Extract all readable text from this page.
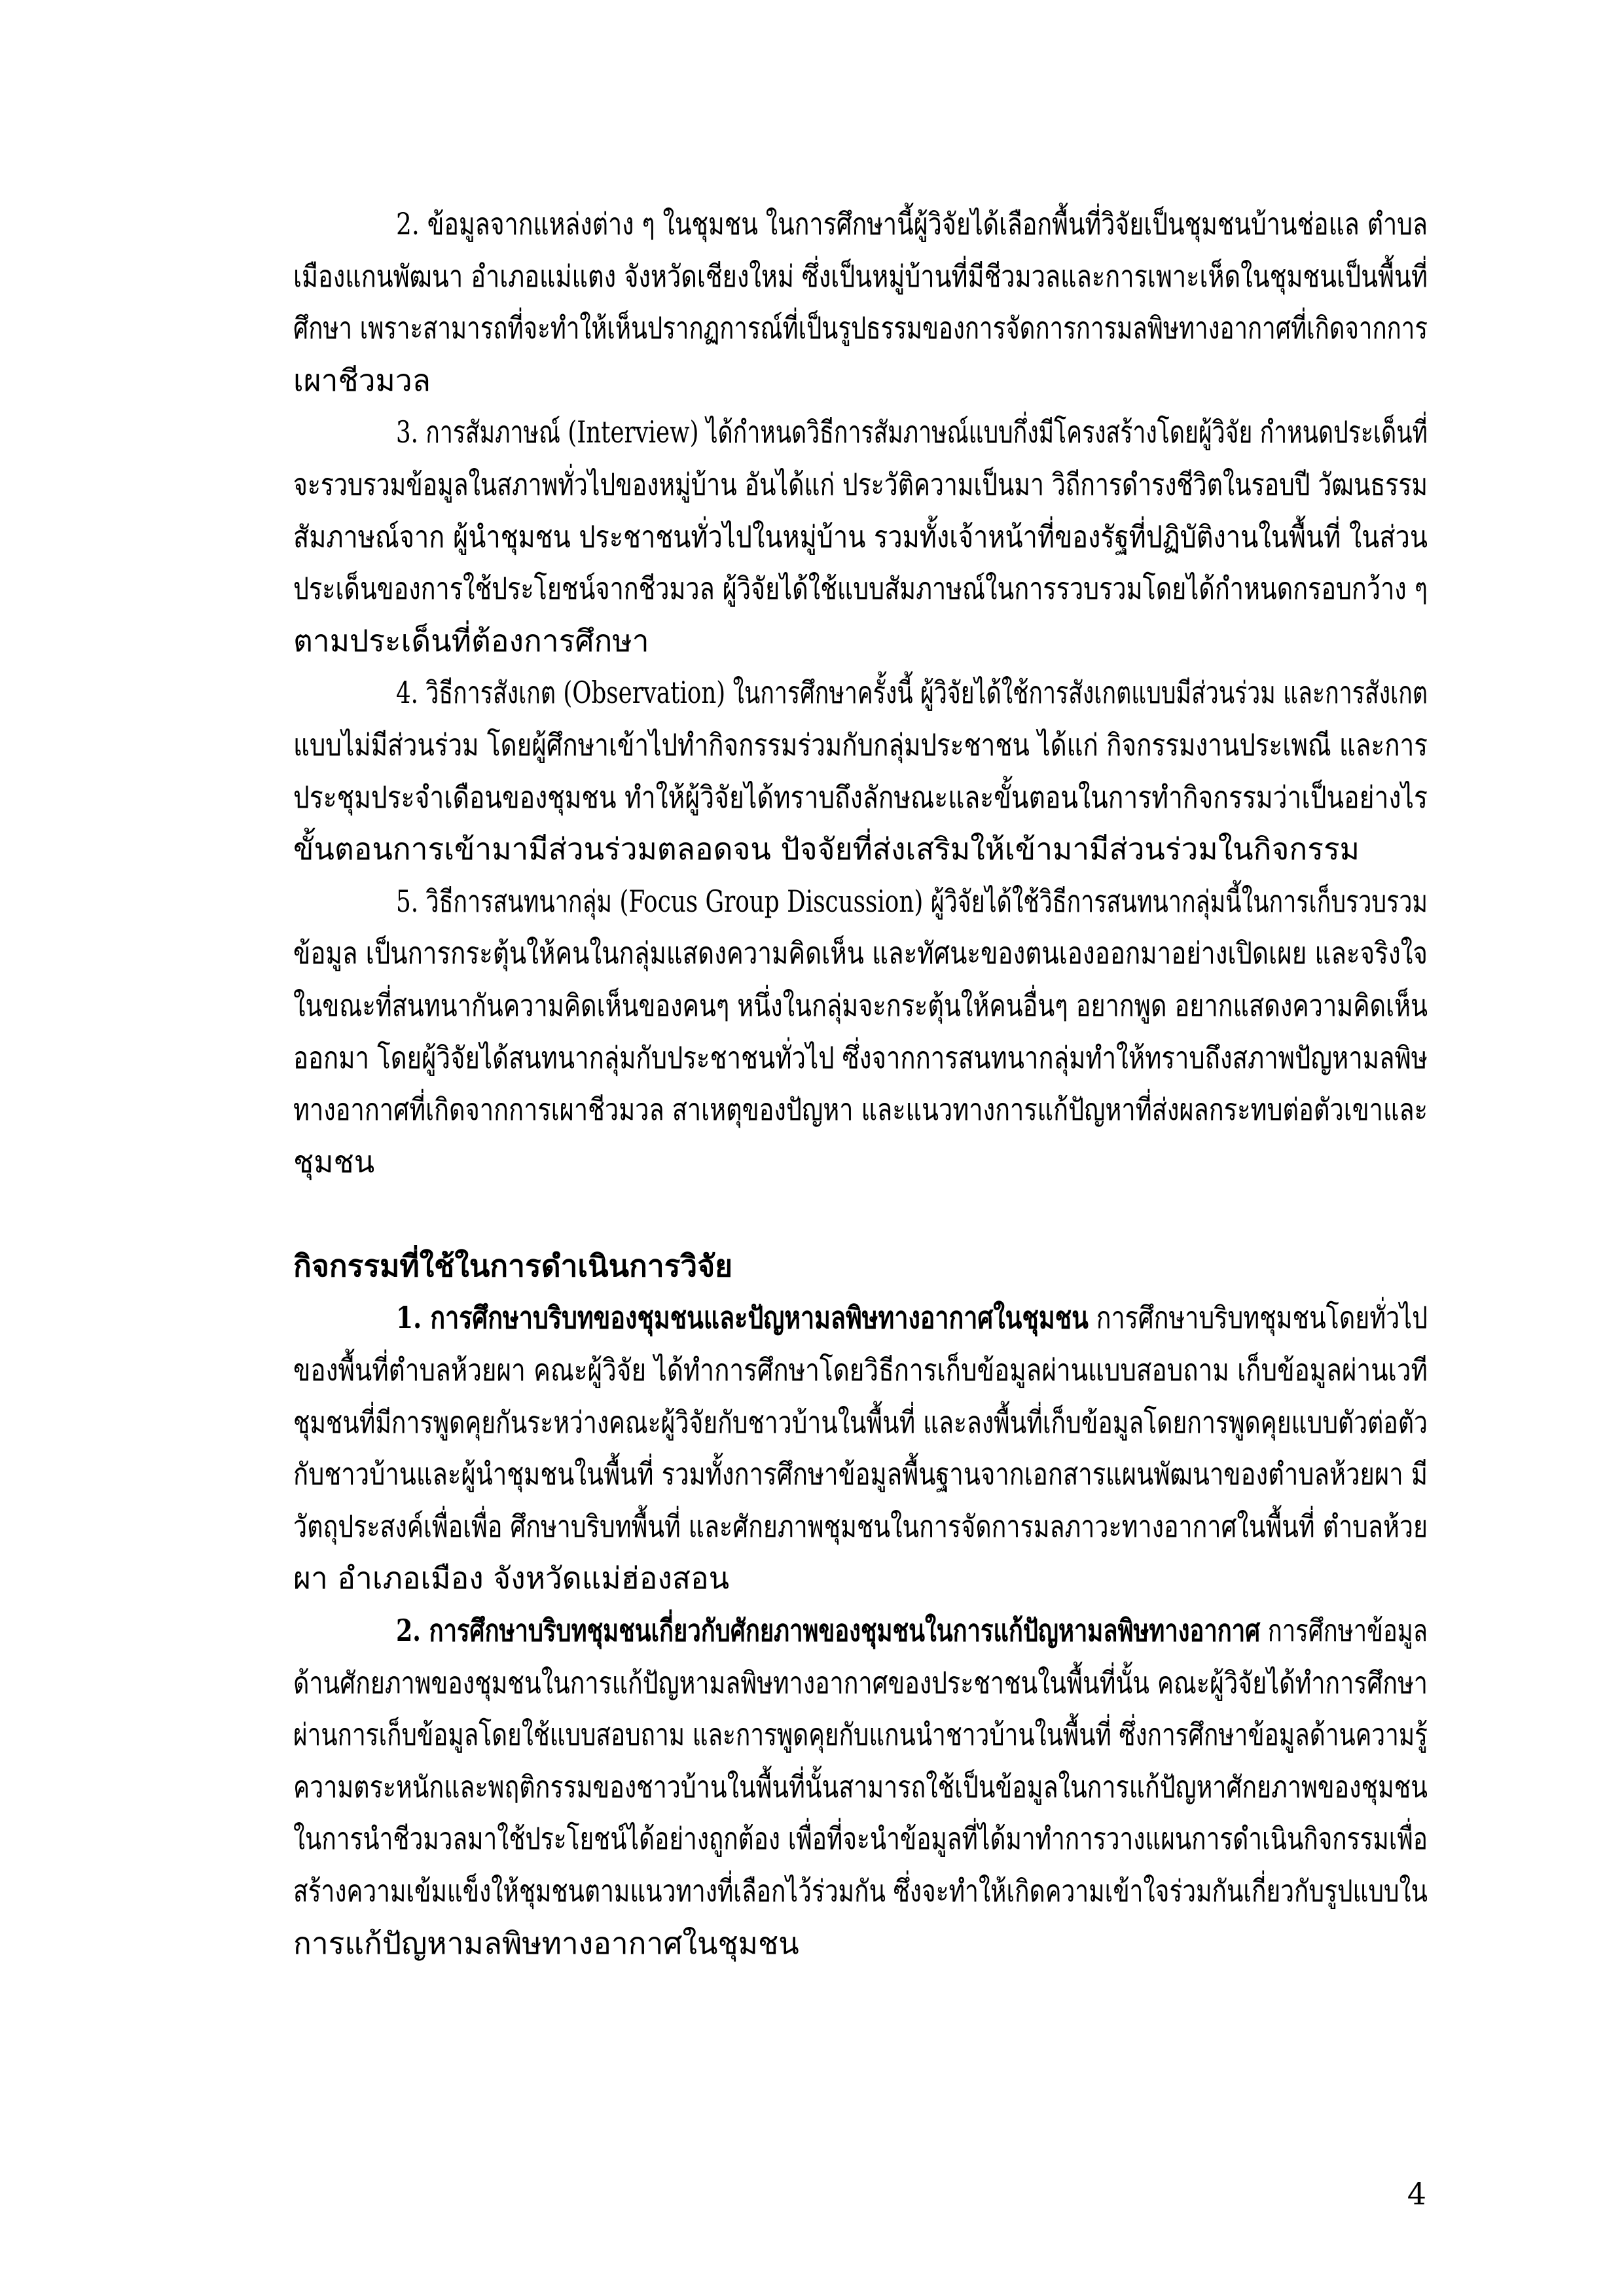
2. ข้อมูลจากแหล่งต่าง ๆ ในชุมชน ในการศึกษานี้ผู้วิจัยได้เลือกพื้นที่วิจัยเป็นชุมชนบ้านช่อแล ตำบล
เมืองแกนพัฒนา อำเภอแม่แตง จังหวัดเชียงใหม่ ซึ่งเป็นหมู่บ้านที่มีชีวมวลและการเพาะเห็ดในชุมชนเป็นพื้นที่
ศึกษา เพราะสามารถที่จะทำให้เห็นปรากฏการณ์ที่เป็นรูปธรรมของการจัดการการมลพิษทางอากาศที่เกิดจากการ
เผาชีวมวล
3. การสัมภาษณ์ (Interview) ได้กำหนดวิธีการสัมภาษณ์แบบกึ่งมีโครงสร้างโดยผู้วิจัย กำหนดประเด็นที่
จะรวบรวมข้อมูลในสภาพทั่วไปของหมู่บ้าน อันได้แก่ ประวัติความเป็นมา วิถีการดำรงชีวิตในรอบปี วัฒนธรรม
สัมภาษณ์จาก ผู้นำชุมชน ประชาชนทั่วไปในหมู่บ้าน รวมทั้งเจ้าหน้าที่ของรัฐที่ปฏิบัติงานในพื้นที่ ในส่วน
ประเด็นของการใช้ประโยชน์จากชีวมวล ผู้วิจัยได้ใช้แบบสัมภาษณ์ในการรวบรวมโดยได้กำหนดกรอบกว้าง ๆ
ตามประเด็นที่ต้องการศึกษา
4. วิธีการสังเกต (Observation) ในการศึกษาครั้งนี้ ผู้วิจัยได้ใช้การสังเกตแบบมีส่วนร่วม และการสังเกต
แบบไม่มีส่วนร่วม โดยผู้ศึกษาเข้าไปทำกิจกรรมร่วมกับกลุ่มประชาชน ได้แก่ กิจกรรมงานประเพณี และการ
ประชุมประจำเดือนของชุมชน ทำให้ผู้วิจัยได้ทราบถึงลักษณะและขั้นตอนในการทำกิจกรรมว่าเป็นอย่างไร
ขั้นตอนการเข้ามามีส่วนร่วมตลอดจน ปัจจัยที่ส่งเสริมให้เข้ามามีส่วนร่วมในกิจกรรม
5. วิธีการสนทนากลุ่ม (Focus Group Discussion) ผู้วิจัยได้ใช้วิธีการสนทนากลุ่มนี้ในการเก็บรวบรวม
ข้อมูล เป็นการกระตุ้นให้คนในกลุ่มแสดงความคิดเห็น และทัศนะของตนเองออกมาอย่างเปิดเผย และจริงใจ
ในขณะที่สนทนากันความคิดเห็นของคนๆ หนึ่งในกลุ่มจะกระตุ้นให้คนอื่นๆ อยากพูด อยากแสดงความคิดเห็น
ออกมา โดยผู้วิจัยได้สนทนากลุ่มกับประชาชนทั่วไป ซึ่งจากการสนทนากลุ่มทำให้ทราบถึงสภาพปัญหามลพิษ
ทางอากาศที่เกิดจากการเผาชีวมวล สาเหตุของปัญหา และแนวทางการแก้ปัญหาที่ส่งผลกระทบต่อตัวเขาและ
ชุมชน
กิจกรรมที่ใช้ในการดำเนินการวิจัย
1. การศึกษาบริบทของชุมชนและปัญหามลพิษทางอากาศในชุมชน การศึกษาบริบทชุมชนโดยทั่วไป
ของพื้นที่ตำบลห้วยผา คณะผู้วิจัย ได้ทำการศึกษาโดยวิธีการเก็บข้อมูลผ่านแบบสอบถาม เก็บข้อมูลผ่านเวที
ชุมชนที่มีการพูดคุยกันระหว่างคณะผู้วิจัยกับชาวบ้านในพื้นที่ และลงพื้นที่เก็บข้อมูลโดยการพูดคุยแบบตัวต่อตัว
กับชาวบ้านและผู้นำชุมชนในพื้นที่ รวมทั้งการศึกษาข้อมูลพื้นฐานจากเอกสารแผนพัฒนาของตำบลห้วยผา มี
วัตถุประสงค์เพื่อเพื่อ ศึกษาบริบทพื้นที่ และศักยภาพชุมชนในการจัดการมลภาวะทางอากาศในพื้นที่ ตำบลห้วย
ผา อำเภอเมือง จังหวัดแม่ฮ่องสอน
2. การศึกษาบริบทชุมชนเกี่ยวกับศักยภาพของชุมชนในการแก้ปัญหามลพิษทางอากาศ การศึกษาข้อมูล
ด้านศักยภาพของชุมชนในการแก้ปัญหามลพิษทางอากาศของประชาชนในพื้นที่นั้น คณะผู้วิจัยได้ทำการศึกษา
ผ่านการเก็บข้อมูลโดยใช้แบบสอบถาม และการพูดคุยกับแกนนำชาวบ้านในพื้นที่ ซึ่งการศึกษาข้อมูลด้านความรู้
ความตระหนักและพฤติกรรมของชาวบ้านในพื้นที่นั้นสามารถใช้เป็นข้อมูลในการแก้ปัญหาศักยภาพของชุมชน
ในการนำชีวมวลมาใช้ประโยชน์ได้อย่างถูกต้อง เพื่อที่จะนำข้อมูลที่ได้มาทำการวางแผนการดำเนินกิจกรรมเพื่อ
สร้างความเข้มแข็งให้ชุมชนตามแนวทางที่เลือกไว้ร่วมกัน ซึ่งจะทำให้เกิดความเข้าใจร่วมกันเกี่ยวกับรูปแบบใน
การแก้ปัญหามลพิษทางอากาศในชุมชน
4
